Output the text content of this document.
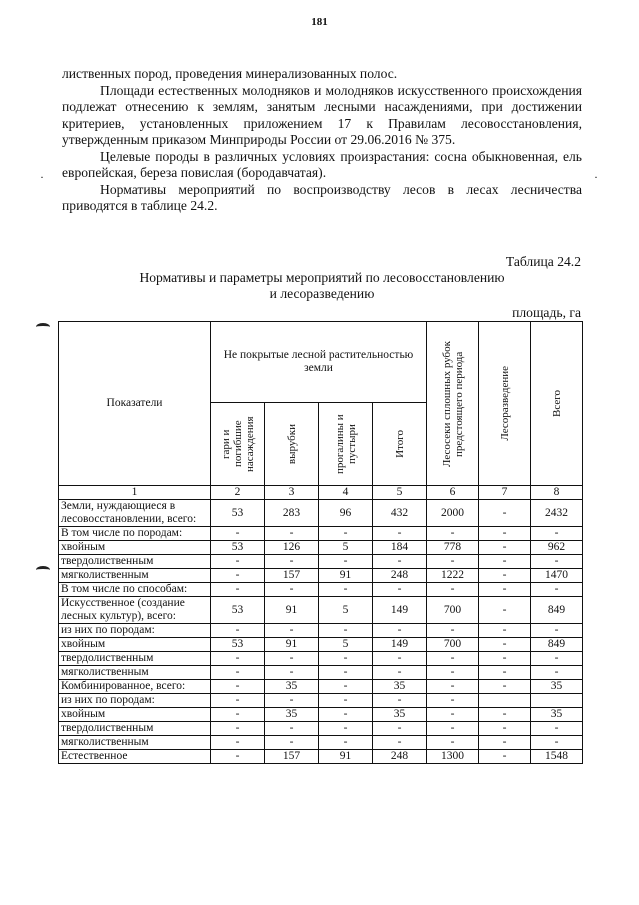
181

лиственных пород, проведения минерализованных полос.

Площади естественных молодняков и молодняков искусственного происхождения подлежат отнесению к землям, занятым лесными насаждениями, при достижении критериев, установленных приложением 17 к Правилам лесовосстановления, утвержденным приказом Минприроды России от 29.06.2016 № 375.

Целевые породы в различных условиях произрастания: сосна обыкновенная, ель европейская, береза повислая (бородавчатая).

Нормативы мероприятий по воспроизводству лесов в лесах лесничества приводятся в таблице 24.2.

Таблица 24.2
Нормативы и параметры мероприятий по лесовосстановлению
и лесоразведению
площадь, га
·	·
Показатели	Не покрытые лесной растительностью земли				Лесосеки сплошных рубок предстоящего периода	Лесоразведение	Всего

	гари и погибшие насаждения	вырубки	прогалины и пустыри	Итого			

1	2	3	4	5	6	7	8
Земли, нуждающиеся в лесовосстановлении, всего:	53	283	96	432	2000	-	2432
В том числе по породам:	-	-	-	-	-	-	-
хвойным	53	126	5	184	778	-	962
твердолиственным	-	-	-	-	-	-	-
мягколиственным	-	157	91	248	1222	-	1470
В том числе по способам:	-	-	-	-	-	-	-
Искусственное (создание лесных культур), всего:	53	91	5	149	700	-	849
из них по породам:	-	-	-	-	-	-	-
хвойным	53	91	5	149	700	-	849
твердолиственным	-	-	-	-	-	-	-
мягколиственным	-	-	-	-	-	-	-
Комбинированное, всего:	-	35	-	35	-	-	35
из них по породам:	-	-	-	-	-		
хвойным	-	35	-	35	-	-	35
твердолиственным	-	-	-	-	-	-	-
мягколиственным	-	-	-	-	-	-	-
Естественное	-	157	91	248	1300	-	1548
